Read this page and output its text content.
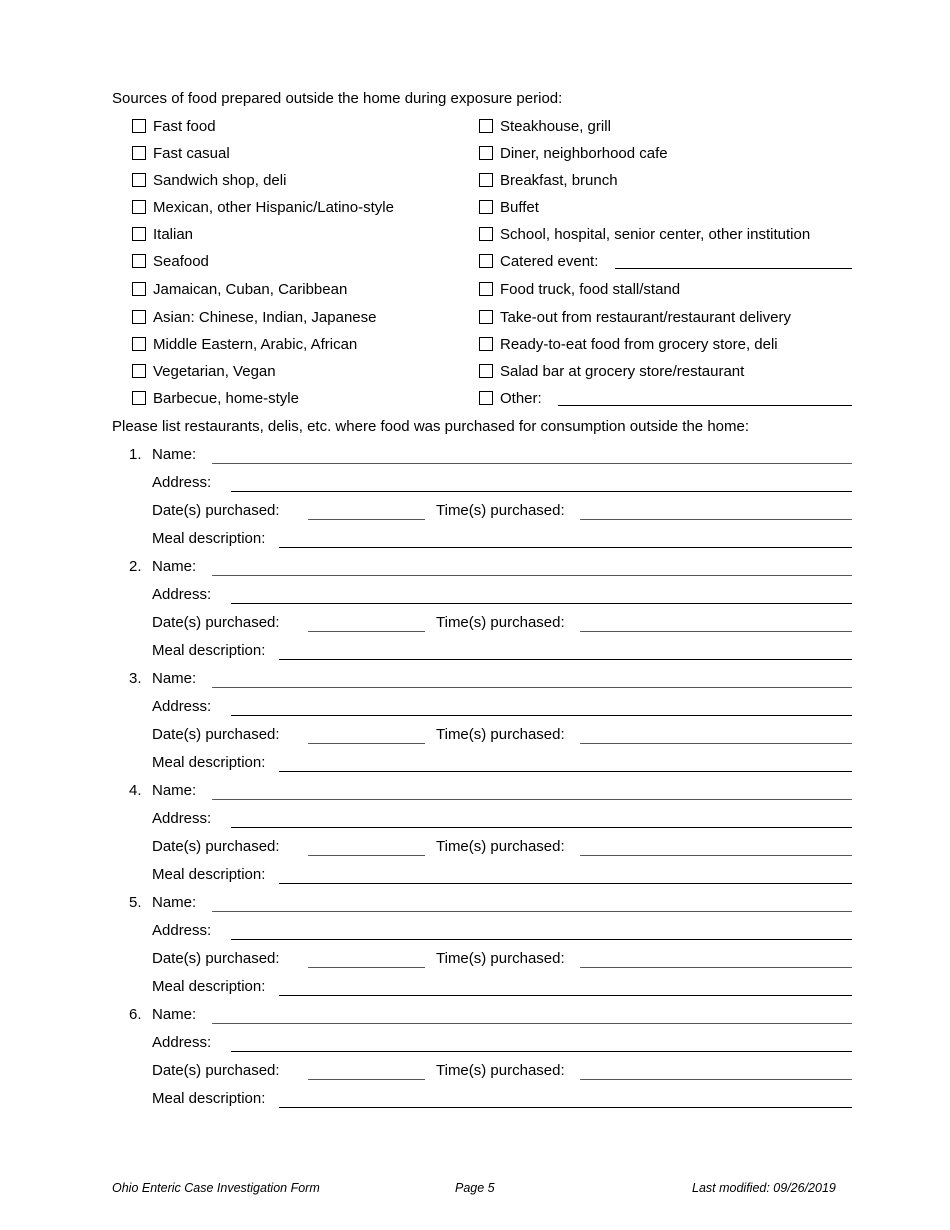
Sources of food prepared outside the home during exposure period:
Fast food	Steakhouse, grill
Fast casual	Diner, neighborhood cafe
Sandwich shop, deli	Breakfast, brunch
Mexican, other Hispanic/Latino-style	Buffet
Italian	School, hospital, senior center, other institution
Seafood	Catered event:
Jamaican, Cuban, Caribbean	Food truck, food stall/stand
Asian: Chinese, Indian, Japanese	Take-out from restaurant/restaurant delivery
Middle Eastern, Arabic, African	Ready-to-eat food from grocery store, deli
Vegetarian, Vegan	Salad bar at grocery store/restaurant
Barbecue, home-style	Other:
Please list restaurants, delis, etc. where food was purchased for consumption outside the home:
1. Name:
Address:
Date(s) purchased:	Time(s) purchased:
Meal description:
2. Name:
Address:
Date(s) purchased:	Time(s) purchased:
Meal description:
3. Name:
Address:
Date(s) purchased:	Time(s) purchased:
Meal description:
4. Name:
Address:
Date(s) purchased:	Time(s) purchased:
Meal description:
5. Name:
Address:
Date(s) purchased:	Time(s) purchased:
Meal description:
6. Name:
Address:
Date(s) purchased:	Time(s) purchased:
Meal description:
Ohio Enteric Case Investigation Form	Page 5	Last modified: 09/26/2019
